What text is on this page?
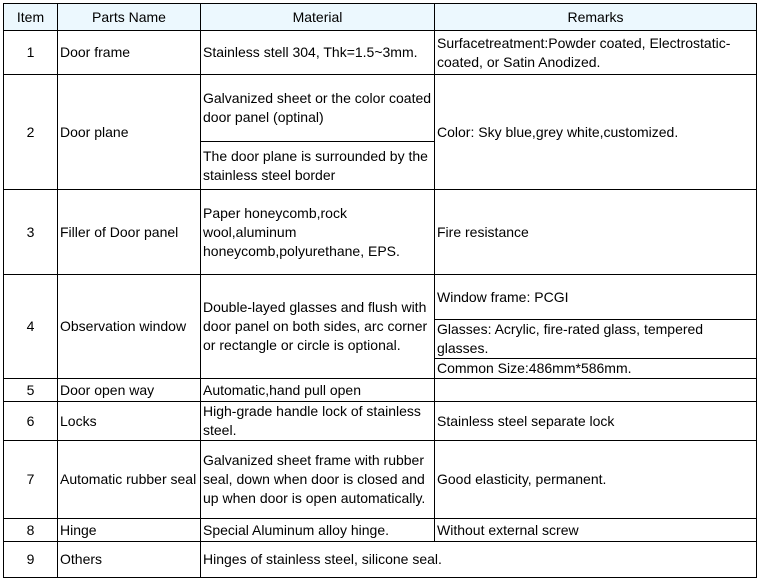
Item	Parts Name	Material	Remarks
1	Door frame	Stainless stell 304, Thk=1.5~3mm.	Surfacetreatment:Powder coated, Electrostatic-coated, or Satin Anodized.
2	Door plane	Galvanized sheet or the color coated door panel (optinal)	Color: Sky blue,grey white,customized.
		The door plane is surrounded by the stainless steel border	
3	Filler of Door panel	Paper honeycomb,rock wool,aluminum honeycomb,polyurethane, EPS.	Fire resistance
4	Observation window	Double-layed glasses and flush with door panel on both sides, arc corner or rectangle or circle is optional.	Window frame: PCGI
			Glasses: Acrylic, fire-rated glass, tempered glasses.
			Common Size:486mm*586mm.
5	Door open way	Automatic,hand pull open	
6	Locks	High-grade handle lock of stainless steel.	Stainless steel separate lock
7	Automatic rubber seal	Galvanized sheet frame with rubber seal, down when door is closed and up when door is open automatically.	Good elasticity, permanent.
8	Hinge	Special Aluminum alloy hinge.	Without external screw
9	Others	Hinges of stainless steel, silicone seal.	
